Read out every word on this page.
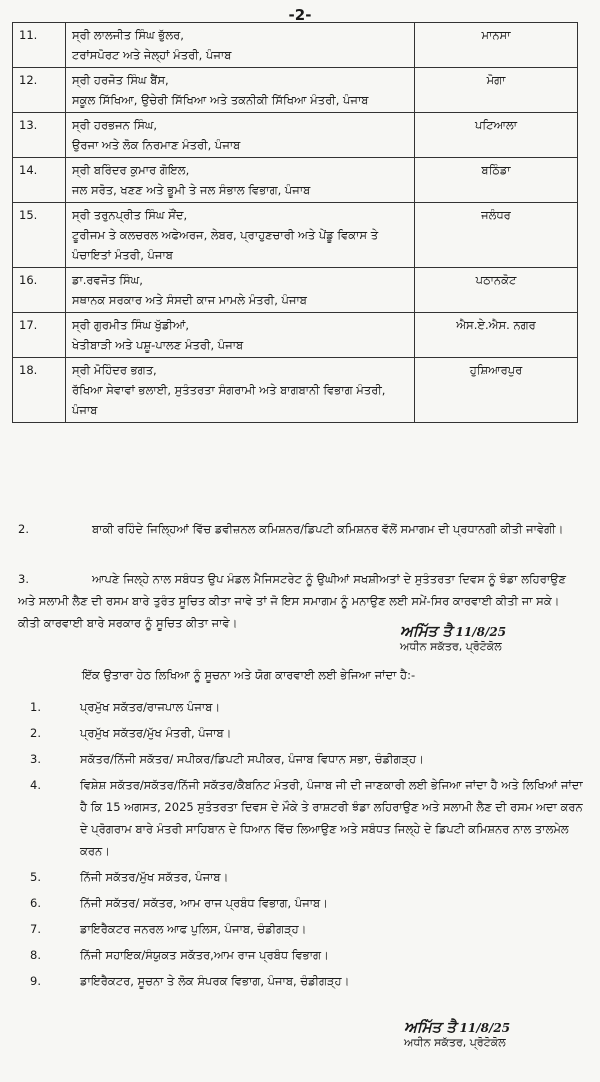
-2-
11.	ਸ੍ਰੀ ਲਾਲਜੀਤ ਸਿੰਘ ਭੁੱਲਰ,
ਟਰਾਂਸਪੋਰਟ ਅਤੇ ਜੇਲ੍ਹਾਂ ਮੰਤਰੀ, ਪੰਜਾਬ	ਮਾਨਸਾ
12.	ਸ੍ਰੀ ਹਰਜੋਤ ਸਿੰਘ ਬੈਂਸ,
ਸਕੂਲ ਸਿੱਖਿਆ, ਉਚੇਰੀ ਸਿੱਖਿਆ ਅਤੇ ਤਕਨੀਕੀ ਸਿੱਖਿਆ ਮੰਤਰੀ, ਪੰਜਾਬ	ਮੋਗਾ
13.	ਸ੍ਰੀ ਹਰਭਜਨ ਸਿੰਘ,
ਉਰਜਾ ਅਤੇ ਲੋਕ ਨਿਰਮਾਣ ਮੰਤਰੀ, ਪੰਜਾਬ	ਪਟਿਆਲਾ
14.	ਸ੍ਰੀ ਬਰਿੰਦਰ ਕੁਮਾਰ ਗੋਇਲ,
ਜਲ ਸਰੋਤ, ਖਣਣ ਅਤੇ ਭੂਮੀ ਤੇ ਜਲ ਸੰਭਾਲ ਵਿਭਾਗ, ਪੰਜਾਬ	ਬਠਿੰਡਾ
15.	ਸ੍ਰੀ ਤਰੁਨਪ੍ਰੀਤ ਸਿੰਘ ਸੌਂਦ,
ਟੂਰੀਜਮ ਤੇ ਕਲਚਰਲ ਅਫੇਅਰਜ, ਲੇਬਰ, ਪ੍ਰਾਹੁਣਚਾਰੀ ਅਤੇ ਪੇਂਡੂ ਵਿਕਾਸ ਤੇ ਪੰਚਾਇਤਾਂ ਮੰਤਰੀ, ਪੰਜਾਬ	ਜਲੰਧਰ
16.	ਡਾ.ਰਵਜੋਤ ਸਿੰਘ,
ਸਥਾਨਕ ਸਰਕਾਰ ਅਤੇ ਸੰਸਦੀ ਕਾਜ ਮਾਮਲੇ ਮੰਤਰੀ, ਪੰਜਾਬ	ਪਠਾਨਕੋਟ
17.	ਸ੍ਰੀ ਗੁਰਮੀਤ ਸਿੰਘ ਖੁੱਡੀਆਂ,
ਖੇਤੀਬਾੜੀ ਅਤੇ ਪਸ਼ੂ-ਪਾਲਣ ਮੰਤਰੀ, ਪੰਜਾਬ	ਐਸ.ਏ.ਐਸ. ਨਗਰ
18.	ਸ੍ਰੀ ਮੋਹਿੰਦਰ ਭਗਤ,
ਰੱਖਿਆ ਸੇਵਾਵਾਂ ਭਲਾਈ, ਸੁਤੰਤਰਤਾ ਸੰਗਰਾਮੀ ਅਤੇ ਬਾਗਬਾਨੀ ਵਿਭਾਗ ਮੰਤਰੀ, ਪੰਜਾਬ	ਹੁਸ਼ਿਆਰਪੁਰ
2.	ਬਾਕੀ ਰਹਿੰਦੇ ਜਿਲ੍ਹਿਆਂ ਵਿੱਚ ਡਵੀਜ਼ਨਲ ਕਮਿਸ਼ਨਰ/ਡਿਪਟੀ ਕਮਿਸ਼ਨਰ ਵੱਲੋਂ ਸਮਾਗਮ ਦੀ ਪ੍ਰਧਾਨਗੀ ਕੀਤੀ ਜਾਵੇਗੀ।
3.	ਆਪਣੇ ਜਿਲ੍ਹੇ ਨਾਲ ਸਬੰਧਤ ਉਪ ਮੰਡਲ ਮੈਜਿਸਟਰੇਟ ਨੂੰ ਉਘੀਆਂ ਸਖਸ਼ੀਅਤਾਂ ਦੇ ਸੁਤੰਤਰਤਾ ਦਿਵਸ ਨੂੰ ਝੰਡਾ ਲਹਿਰਾਉਣ ਅਤੇ ਸਲਾਮੀ ਲੈਣ ਦੀ ਰਸਮ ਬਾਰੇ ਤੁਰੰਤ ਸੂਚਿਤ ਕੀਤਾ ਜਾਵੇ ਤਾਂ ਜੋ ਇਸ ਸਮਾਗਮ ਨੂੰ ਮਨਾਉਣ ਲਈ ਸਮੇਂ-ਸਿਰ ਕਾਰਵਾਈ ਕੀਤੀ ਜਾ ਸਕੇ। ਕੀਤੀ ਕਾਰਵਾਈ ਬਾਰੇ ਸਰਕਾਰ ਨੂੰ ਸੂਚਿਤ ਕੀਤਾ ਜਾਵੇ।	ਅਮਿੱਤ ਤੈ 11/8/25
ਅਧੀਨ ਸਕੱਤਰ, ਪ੍ਰੋਟੋਕੋਲ
ਇੱਕ ਉਤਾਰਾ ਹੇਠ ਲਿਖਿਆ ਨੂੰ ਸੂਚਨਾ ਅਤੇ ਯੋਗ ਕਾਰਵਾਈ ਲਈ ਭੇਜਿਆ ਜਾਂਦਾ ਹੈ:-
1.	ਪ੍ਰਮੁੱਖ ਸਕੱਤਰ/ਰਾਜਪਾਲ ਪੰਜਾਬ।
2.	ਪ੍ਰਮੁੱਖ ਸਕੱਤਰ/ਮੁੱਖ ਮੰਤਰੀ, ਪੰਜਾਬ।
3.	ਸਕੱਤਰ/ਨਿੱਜੀ ਸਕੱਤਰ/ ਸਪੀਕਰ/ਡਿਪਟੀ ਸਪੀਕਰ, ਪੰਜਾਬ ਵਿਧਾਨ ਸਭਾ, ਚੰਡੀਗੜ੍ਹ।
4.	ਵਿਸ਼ੇਸ਼ ਸਕੱਤਰ/ਸਕੱਤਰ/ਨਿੱਜੀ ਸਕੱਤਰ/ਕੈਬਨਿਟ ਮੰਤਰੀ, ਪੰਜਾਬ ਜੀ ਦੀ ਜਾਣਕਾਰੀ ਲਈ ਭੇਜਿਆ ਜਾਂਦਾ ਹੈ ਅਤੇ ਲਿਖਿਆਂ ਜਾਂਦਾ ਹੈ ਕਿ 15 ਅਗਸਤ, 2025 ਸੁਤੰਤਰਤਾ ਦਿਵਸ ਦੇ ਮੌਕੇ ਤੇ ਰਾਸ਼ਟਰੀ ਝੰਡਾ ਲਹਿਰਾਉਣ ਅਤੇ ਸਲਾਮੀ ਲੈਣ ਦੀ ਰਸਮ ਅਦਾ ਕਰਨ ਦੇ ਪ੍ਰੋਗਰਾਮ ਬਾਰੇ ਮੰਤਰੀ ਸਾਹਿਬਾਨ ਦੇ ਧਿਆਨ ਵਿੱਚ ਲਿਆਉਣ ਅਤੇ ਸਬੰਧਤ ਜਿਲ੍ਹੇ ਦੇ ਡਿਪਟੀ ਕਮਿਸ਼ਨਰ ਨਾਲ ਤਾਲਮੇਲ ਕਰਨ।
5.	ਨਿੱਜੀ ਸਕੱਤਰ/ਮੁੱਖ ਸਕੱਤਰ, ਪੰਜਾਬ।
6.	ਨਿੱਜੀ ਸਕੱਤਰ/ ਸਕੱਤਰ, ਆਮ ਰਾਜ ਪ੍ਰਬੰਧ ਵਿਭਾਗ, ਪੰਜਾਬ।
7.	ਡਾਇਰੈਕਟਰ ਜਨਰਲ ਆਫ ਪੁਲਿਸ, ਪੰਜਾਬ, ਚੰਡੀਗੜ੍ਹ।
8.	ਨਿੱਜੀ ਸਹਾਇਕ/ਸੰਯੁਕਤ ਸਕੱਤਰ,ਆਮ ਰਾਜ ਪ੍ਰਬੰਧ ਵਿਭਾਗ।
9.	ਡਾਇਰੈਕਟਰ, ਸੂਚਨਾ ਤੇ ਲੋਕ ਸੰਪਰਕ ਵਿਭਾਗ, ਪੰਜਾਬ, ਚੰਡੀਗੜ੍ਹ।
ਅਮਿੱਤ ਤੈ 11/8/25
ਅਧੀਨ ਸਕੱਤਰ, ਪ੍ਰੋਟੋਕੋਲ
